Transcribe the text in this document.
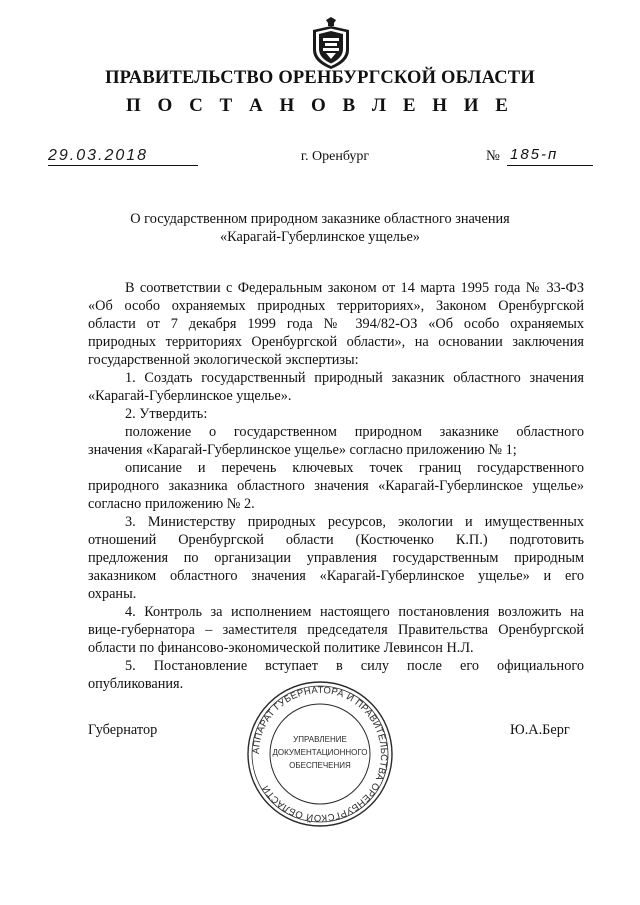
ПРАВИТЕЛЬСТВО ОРЕНБУРГСКОЙ ОБЛАСТИ
П О С Т А Н О В Л Е Н И Е
29.03.2018	г. Оренбург	№ 185-п
О государственном природном заказнике областного значения
«Карагай-Губерлинское ущелье»

В соответствии с Федеральным законом от 14 марта 1995 года № 33-ФЗ

«Об особо охраняемых природных территориях», Законом Оренбургской

области от 7 декабря 1999 года № 394/82-ОЗ «Об особо охраняемых

природных территориях Оренбургской области», на основании заключения

государственной экологической экспертизы:

1. Создать государственный природный заказник областного значения

«Карагай-Губерлинское ущелье».

2. Утвердить:

положение о государственном природном заказнике областного

значения «Карагай-Губерлинское ущелье» согласно приложению № 1;

описание и перечень ключевых точек границ государственного

природного заказника областного значения «Карагай-Губерлинское ущелье»

согласно приложению № 2.

3. Министерству природных ресурсов, экологии и имущественных

отношений Оренбургской области (Костюченко К.П.) подготовить

предложения по организации управления государственным природным

заказником областного значения «Карагай-Губерлинское ущелье» и его

охраны.

4. Контроль за исполнением настоящего постановления возложить на

вице-губернатора – заместителя председателя Правительства Оренбургской

области по финансово-экономической политике Левинсон Н.Л.

5. Постановление вступает в силу после его официального

опубликования.

Губернатор	Ю.А.Берг
АППАРАТ ГУБЕРНАТОРА И ПРАВИТЕЛЬСТВА ОРЕНБУРГСКОЙ ОБЛАСТИ
УПРАВЛЕНИЕ
ДОКУМЕНТАЦИОННОГО
ОБЕСПЕЧЕНИЯ
